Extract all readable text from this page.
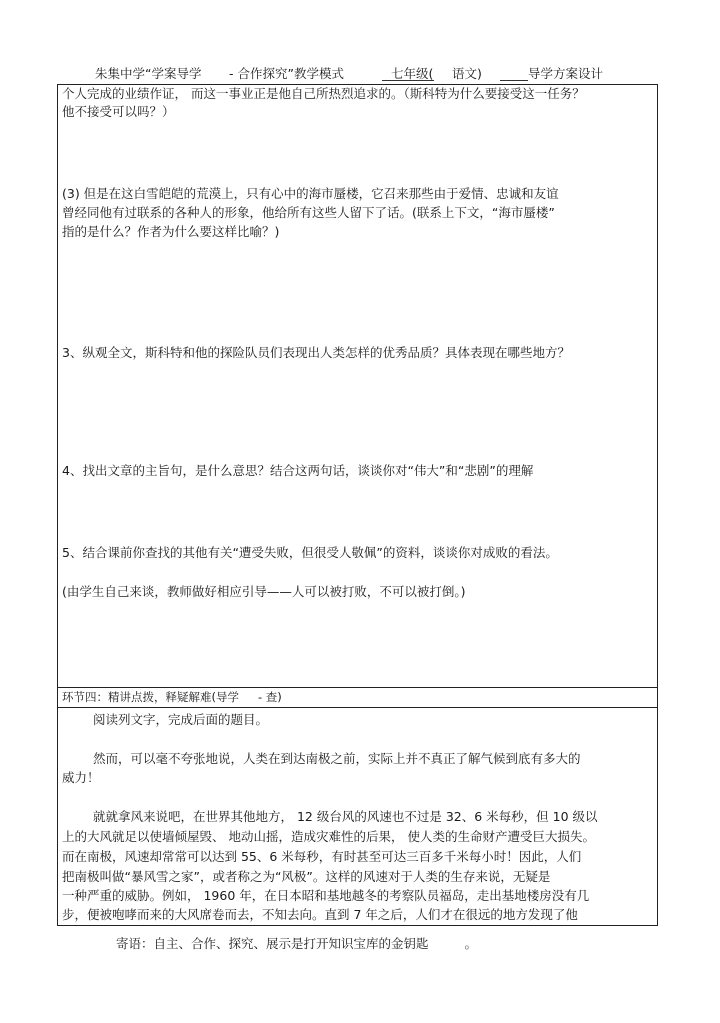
朱集中学“学案导学 - 合作探究”教学模式	七年级( 语文)	导学方案设计
个人完成的业绩作证， 而这一事业正是他自己所热烈追求的。（斯科特为什么要接受这一任务？
他不接受可以吗？）
(3) 但是在这白雪皑皑的荒漠上，只有心中的海市蜃楼，它召来那些由于爱情、忠诚和友谊
曾经同他有过联系的各种人的形象，他给所有这些人留下了话。(联系上下文，“海市蜃楼”
指的是什么？作者为什么要这样比喻？)
3、纵观全文，斯科特和他的探险队员们表现出人类怎样的优秀品质？具体表现在哪些地方？
4、找出文章的主旨句，是什么意思？结合这两句话，谈谈你对“伟大”和“悲剧”的理解
5、结合课前你查找的其他有关“遭受失败，但很受人敬佩”的资料，谈谈你对成败的看法。
(由学生自己来谈，教师做好相应引导——人可以被打败，不可以被打倒。)
环节四：精讲点拨，释疑解难(导学 - 查)
阅读列文字，完成后面的题目。
然而，可以毫不夸张地说，人类在到达南极之前，实际上并不真正了解气候到底有多大的
威力！
就就拿风来说吧，在世界其他地方， 12 级台风的风速也不过是 32、6 米每秒，但 10 级以
上的大风就足以使墙倾屋毁、 地动山摇，造成灾难性的后果， 使人类的生命财产遭受巨大损失。
而在南极，风速却常常可以达到 55、6 米每秒，有时甚至可达三百多千米每小时！因此，人们
把南极叫做“暴风雪之家”，或者称之为“风极”。这样的风速对于人类的生存来说，无疑是
一种严重的威胁。例如， 1960 年，在日本昭和基地越冬的考察队员福岛，走出基地楼房没有几
步，便被咆哮而来的大风席卷而去，不知去向。直到 7 年之后，人们才在很远的地方发现了他
寄语：自主、合作、探究、展示是打开知识宝库的金钥匙	。
